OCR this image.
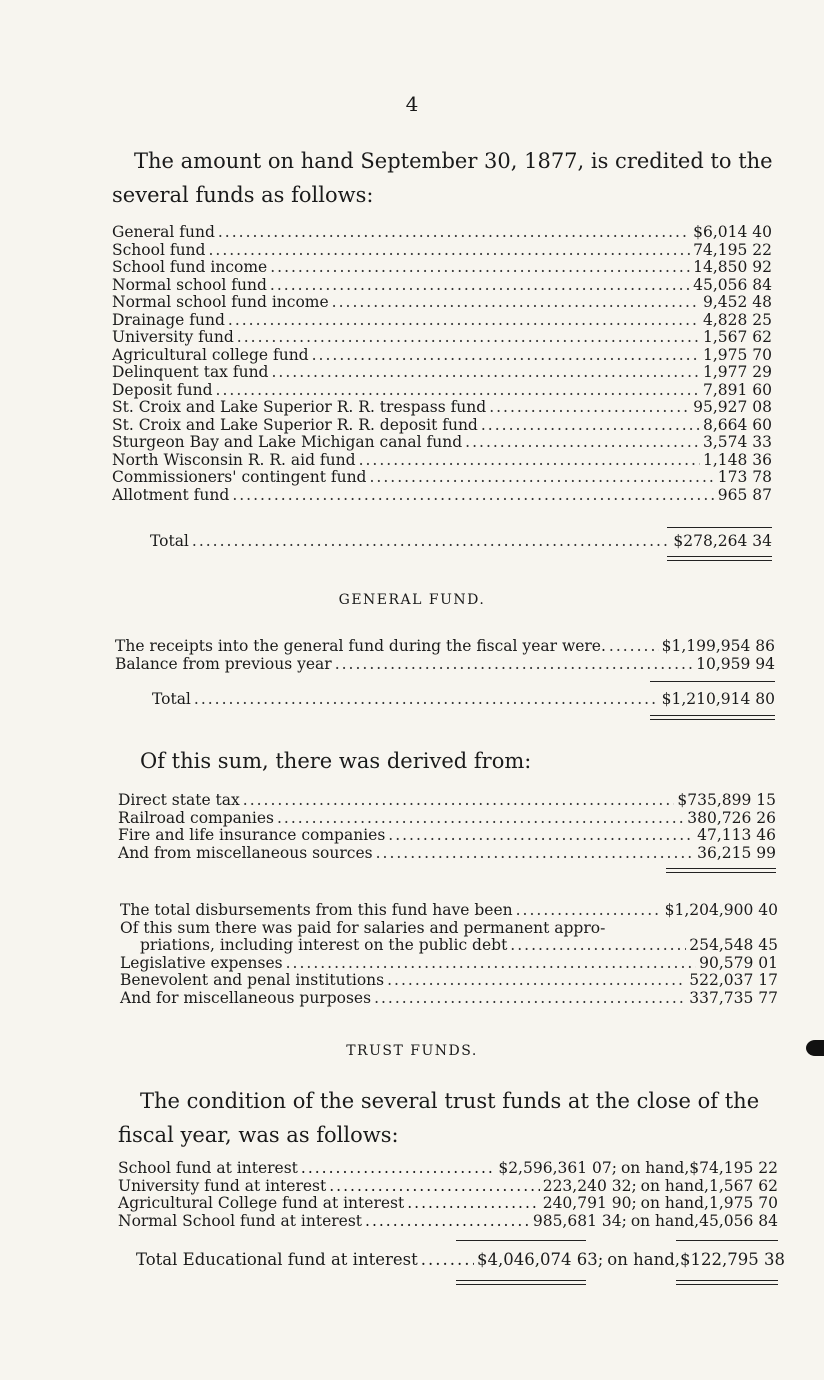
4
The amount on hand September 30, 1877, is credited to the several funds as follows:
General fund .....	$6,014 40
School fund .....	74,195 22
School fund income .....	14,850 92
Normal school fund .....	45,056 84
Normal school fund income .....	9,452 48
Drainage fund .....	4,828 25
University fund .....	1,567 62
Agricultural college fund .....	1,975 70
Delinquent tax fund .....	1,977 29
Deposit fund .....	7,891 60
St. Croix and Lake Superior R. R. trespass fund .....	95,927 08
St. Croix and Lake Superior R. R. deposit fund .....	8,664 60
Sturgeon Bay and Lake Michigan canal fund .....	3,574 33
North Wisconsin R. R. aid fund .....	1,148 36
Commissioners' contingent fund .....	173 78
Allotment fund .....	965 87
Total .....	$278,264 34
GENERAL FUND.
The receipts into the general fund during the fiscal year were. .....	$1,199,954 86
Balance from previous year .....	10,959 94
Total .....	$1,210,914 80
Of this sum, there was derived from:
Direct state tax .....	$735,899 15
Railroad companies .....	380,726 26
Fire and life insurance companies .....	47,113 46
And from miscellaneous sources .....	36,215 99
The total disbursements from this fund have been .....	$1,204,900 40
Of this sum there was paid for salaries and permanent appro-
priations, including interest on the public debt .....	254,548 45
Legislative expenses .....	90,579 01
Benevolent and penal institutions .....	522,037 17
And for miscellaneous purposes .....	337,735 77
TRUST FUNDS.
The condition of the several trust funds at the close of the fiscal year, was as follows:
School fund at interest .....	$2,596,361 07; on hand, $74,195 22
University fund at interest .....	223,240 32; on hand, 1,567 62
Agricultural College fund at interest .....	240,791 90; on hand, 1,975 70
Normal School fund at interest .....	985,681 34; on hand, 45,056 84
Total Educational fund at interest .....	$4,046,074 63; on hand, $122,795 38
